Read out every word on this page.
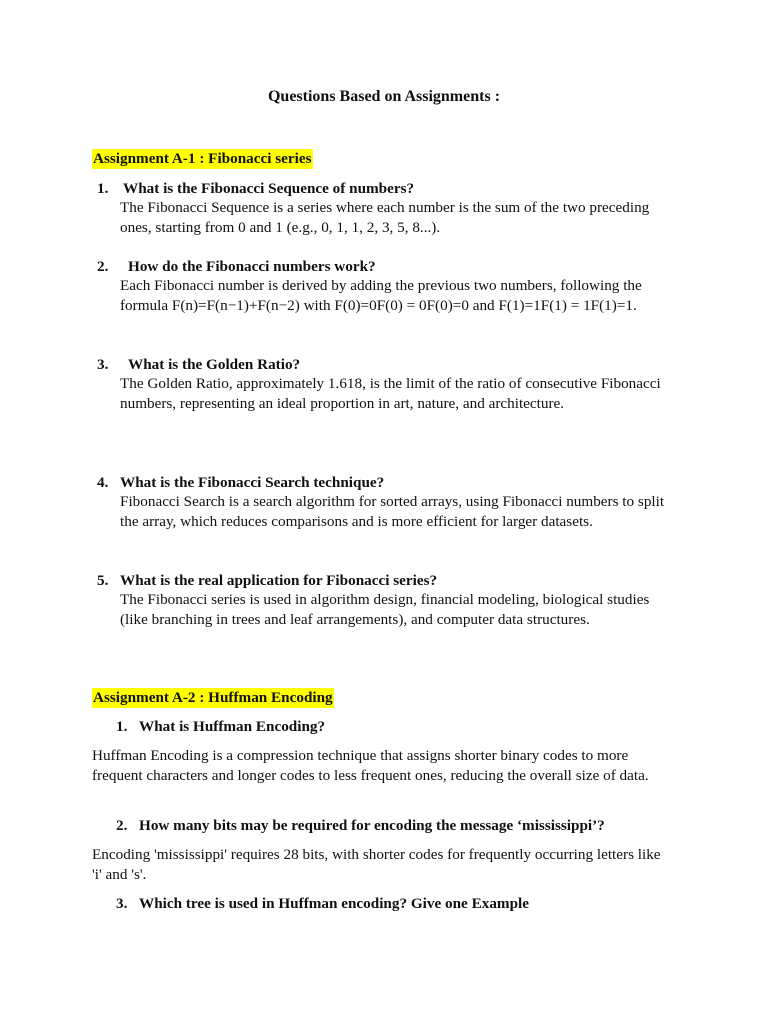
Questions Based on Assignments :
Assignment A-1 : Fibonacci series
1. What is the Fibonacci Sequence of numbers?
The Fibonacci Sequence is a series where each number is the sum of the two preceding ones, starting from 0 and 1 (e.g., 0, 1, 1, 2, 3, 5, 8...).
2. How do the Fibonacci numbers work?
Each Fibonacci number is derived by adding the previous two numbers, following the formula F(n)=F(n−1)+F(n−2) with F(0)=0F(0) = 0F(0)=0 and F(1)=1F(1) = 1F(1)=1.
3. What is the Golden Ratio?
The Golden Ratio, approximately 1.618, is the limit of the ratio of consecutive Fibonacci numbers, representing an ideal proportion in art, nature, and architecture.
4. What is the Fibonacci Search technique?
Fibonacci Search is a search algorithm for sorted arrays, using Fibonacci numbers to split the array, which reduces comparisons and is more efficient for larger datasets.
5. What is the real application for Fibonacci series?
The Fibonacci series is used in algorithm design, financial modeling, biological studies (like branching in trees and leaf arrangements), and computer data structures.
Assignment A-2 : Huffman Encoding
1. What is Huffman Encoding?
Huffman Encoding is a compression technique that assigns shorter binary codes to more frequent characters and longer codes to less frequent ones, reducing the overall size of data.
2. How many bits may be required for encoding the message ‘mississippi’?
Encoding 'mississippi' requires 28 bits, with shorter codes for frequently occurring letters like 'i' and 's'.
3. Which tree is used in Huffman encoding? Give one Example
